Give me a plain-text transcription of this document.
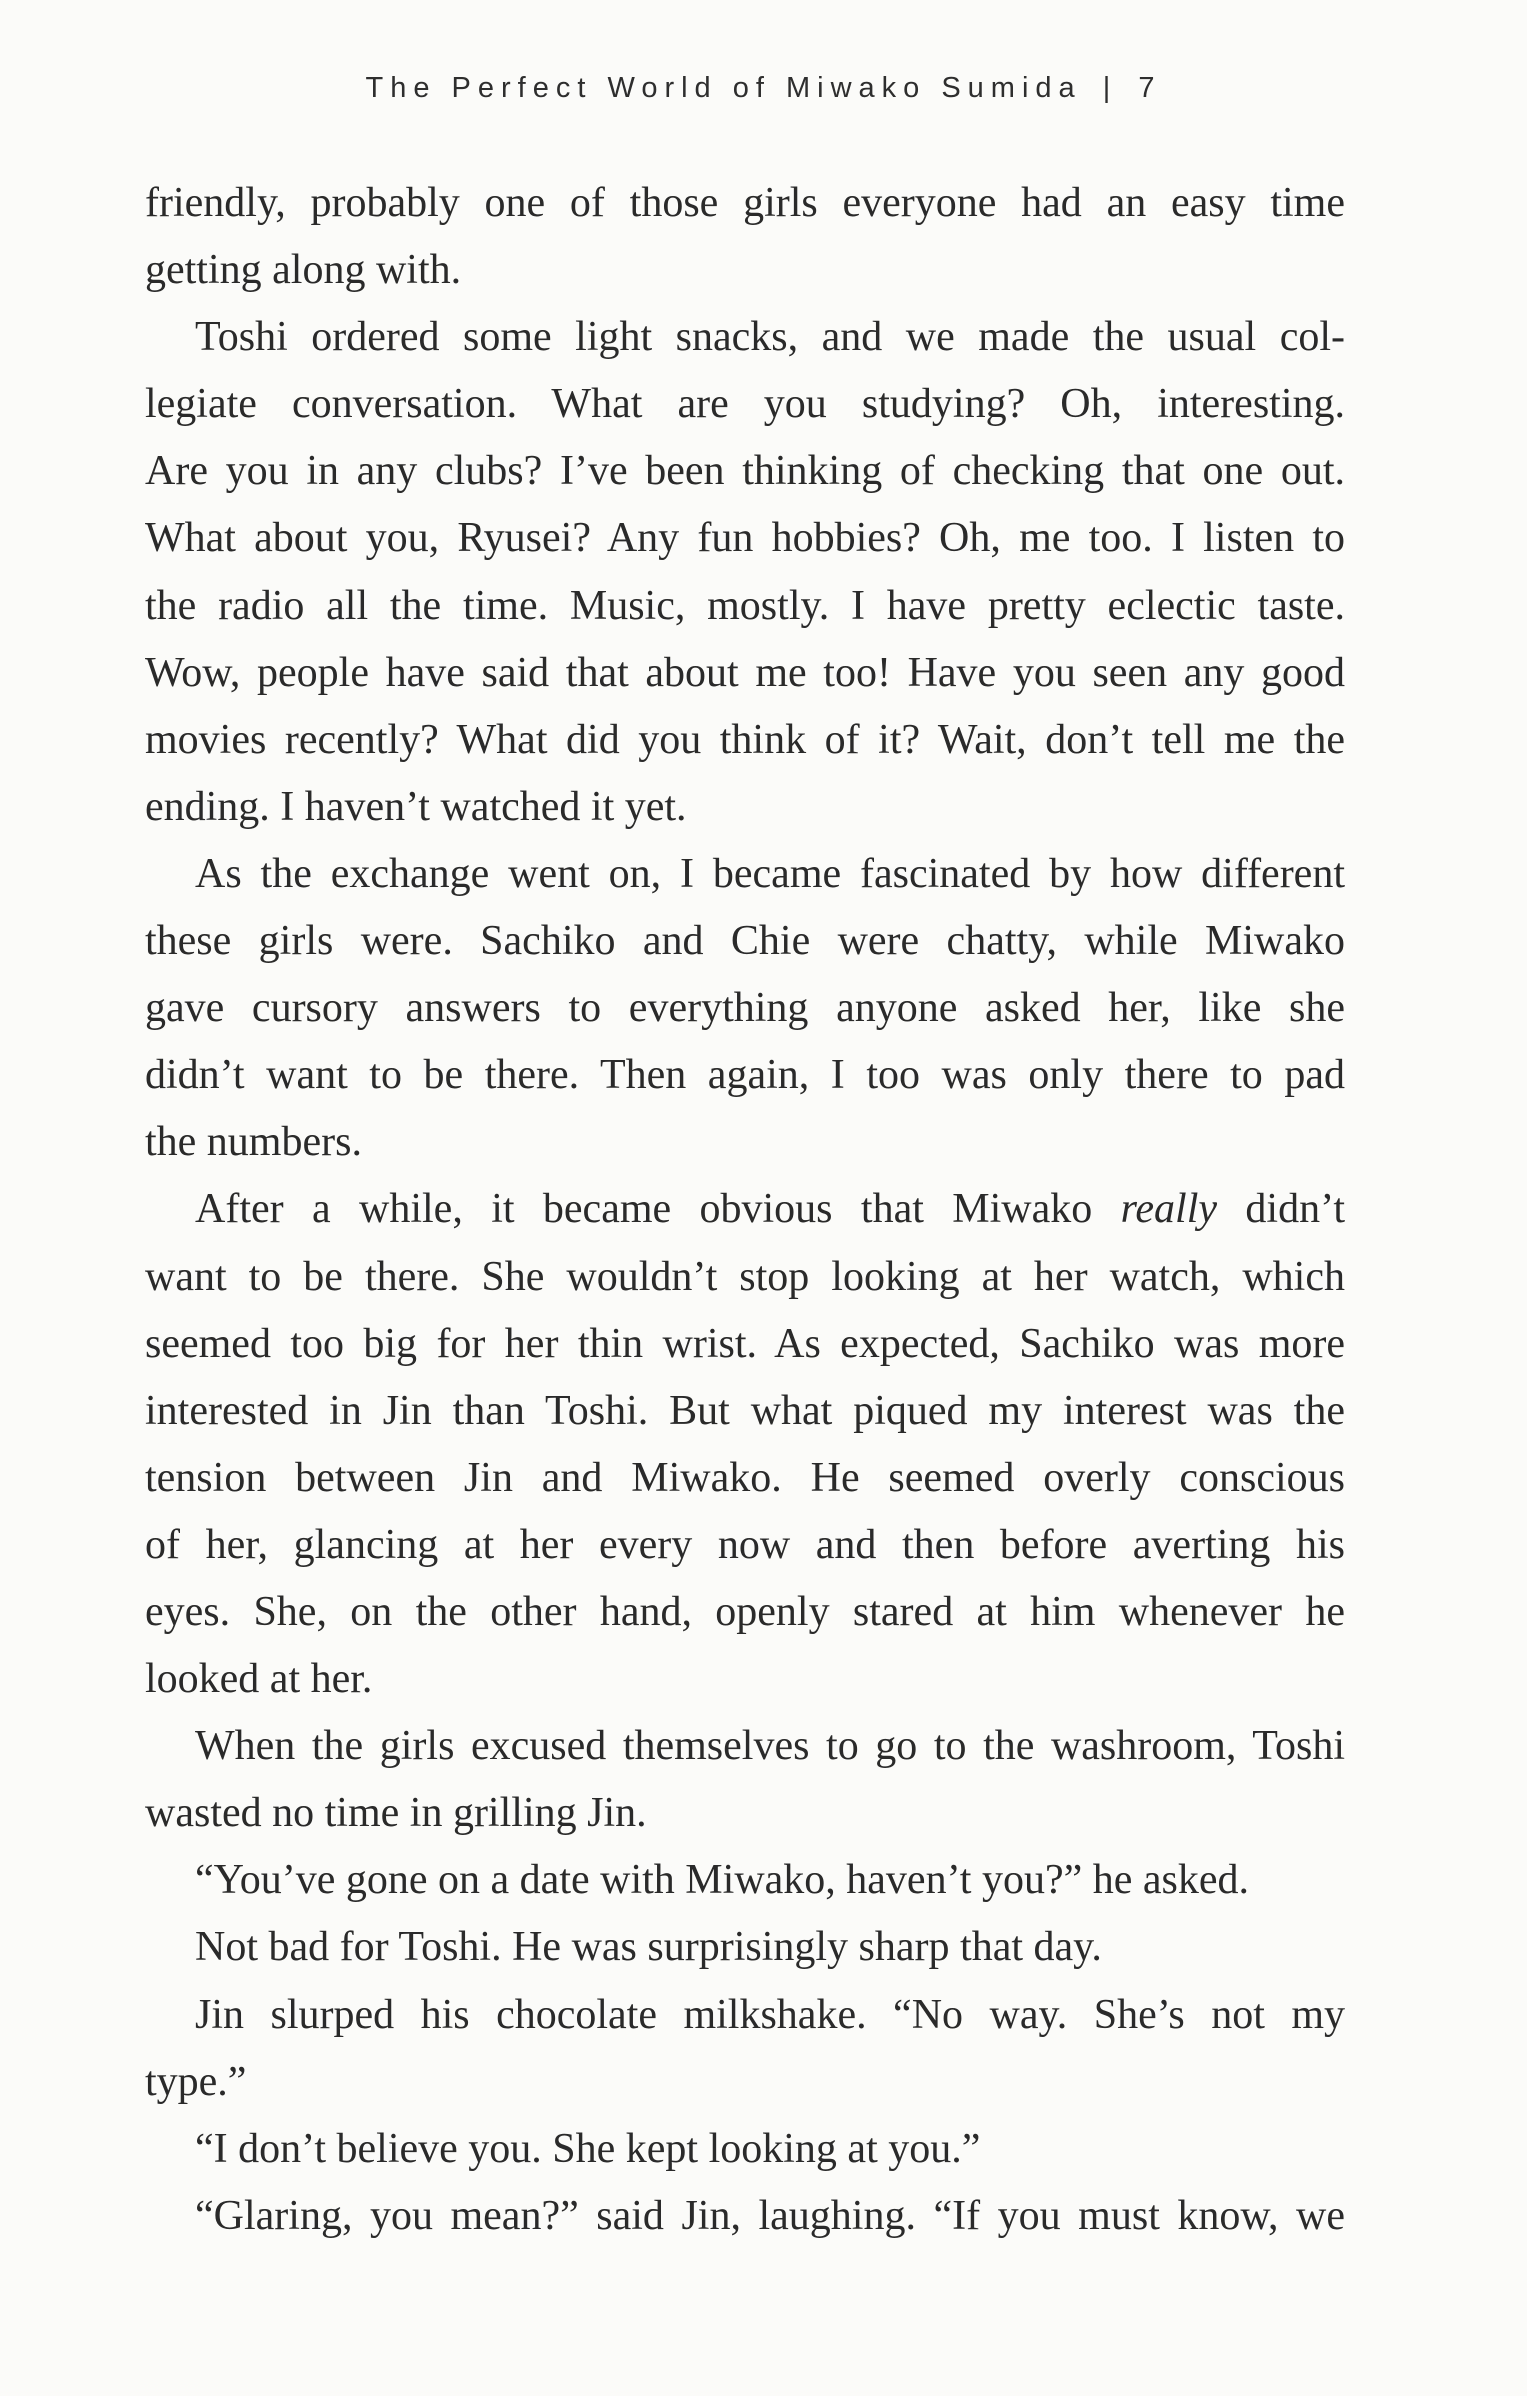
The Perfect World of Miwako Sumida | 7
friendly, probably one of those girls everyone had an easy time
getting along with.
Toshi ordered some light snacks, and we made the usual col-
legiate conversation. What are you studying? Oh, interesting.
Are you in any clubs? I’ve been thinking of checking that one out.
What about you, Ryusei? Any fun hobbies? Oh, me too. I listen to
the radio all the time. Music, mostly. I have pretty eclectic taste.
Wow, people have said that about me too! Have you seen any good
movies recently? What did you think of it? Wait, don’t tell me the
ending. I haven’t watched it yet.
As the exchange went on, I became fascinated by how different
these girls were. Sachiko and Chie were chatty, while Miwako
gave cursory answers to everything anyone asked her, like she
didn’t want to be there. Then again, I too was only there to pad
the numbers.
After a while, it became obvious that Miwako really didn’t
want to be there. She wouldn’t stop looking at her watch, which
seemed too big for her thin wrist. As expected, Sachiko was more
interested in Jin than Toshi. But what piqued my interest was the
tension between Jin and Miwako. He seemed overly conscious
of her, glancing at her every now and then before averting his
eyes. She, on the other hand, openly stared at him whenever he
looked at her.
When the girls excused themselves to go to the washroom, Toshi
wasted no time in grilling Jin.
“You’ve gone on a date with Miwako, haven’t you?” he asked.
Not bad for Toshi. He was surprisingly sharp that day.
Jin slurped his chocolate milkshake. “No way. She’s not my
type.”
“I don’t believe you. She kept looking at you.”
“Glaring, you mean?” said Jin, laughing. “If you must know, we
